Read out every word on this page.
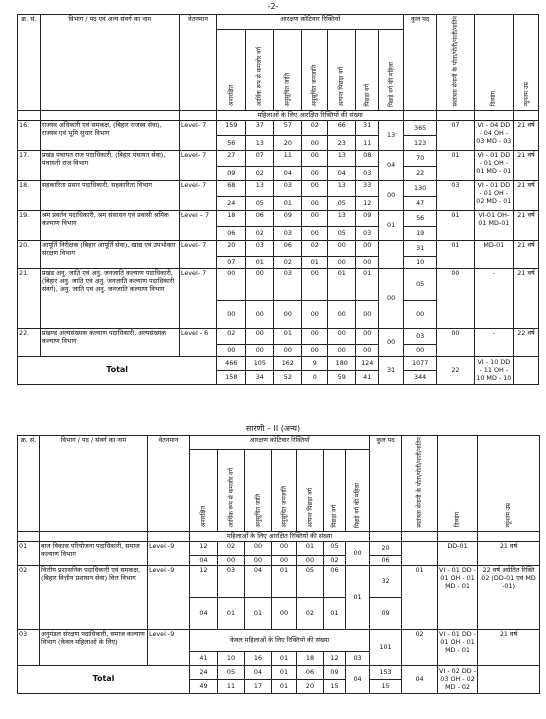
-2-
क्र. सं.	विभाग / पद एवं अन्य संवर्ग का नाम	वेतनमान	आरक्षण कोटिवार रिक्तियाँ							कुल पद	स्वतंत्रता सेनानी के पोता/पोती/नाती/नातिन	दिव्यांग	न्यूनतम उम्र
			अनारक्षित	आर्थिक रूप से कमजोर वर्ग	अनुसूचित जाति	अनुसूचित जनजाति	अत्यन्त पिछड़ा वर्ग	पिछड़ा वर्ग	पिछड़े वर्ग की महिला				
			महिलाओं के लिए आरक्षित रिक्तियों की संख्या										
16.	राजस्व अधिकारी एवं समकक्ष, (बिहार राजस्व सेवा), राजस्व एवं भूमि सुधार विभाग	Level- 7	159	37	57	02	66	31	13	365	07	VI - 04 DD - 04 OH - 03 MD - 03	21 वर्ष
			56	13	20	00	23	11		123			
17.	प्रखंड पंचायत राज पदाधिकारी, (बिहार पंचायत सेवा), पंचायती राज विभाग	Level- 7	27	07	11	00	13	08	04	70	01	VI - 01 DD - 01 OH - 01 MD - 01	21 वर्ष
			09	02	04	00	04	03		22			
18.	सहकारिता प्रसार पदाधिकारी, सहकारिता विभाग	Level- 7	68	13	03	00	13	33	00	130	03	VI - 01 DD - 01 OH - 02 MD - 01	21 वर्ष
			24	05	01	00	05	12		47			
19.	श्रम प्रवर्तन पदाधिकारी, श्रम संसाधन एवं प्रवासी श्रमिक कल्याण विभाग	Level – 7	18	06	09	00	13	09	01	56	01	VI-01 OH-01 MD-01	21 वर्ष
			06	02	03	00	05	03		19			
20.	आपूर्ति निरीक्षक (बिहार आपूर्ति सेवा), खाद्य एवं उपभोक्ता संरक्षण विभाग	Level- 7	20	03	06	02	00	00		31	01	MD-01	21 वर्ष
			07	01	02	01	00	00		10			
21.	प्रखंड अनु. जाति एवं अनु. जनजाति कल्याण पदाधिकारी, (बिहार अनु. जाति एवं अनु. जनजाति कल्याण पदाधिकारी संवर्ग), अनु. जाति एवं अनु. जनजाति कल्याण विभाग	Level- 7	00	00	03	00	01	01	00	05	00	-	21 वर्ष
			00	00	00	00	00	00		00			
22.	प्रखण्ड अल्पसंख्यक कल्याण पदाधिकारी, अल्पसंख्यक कल्याण विभाग	Level - 6	02	00	01	00	00	00	00	03	00	-	22 वर्ष
			00	00	00	00	00	00		00			
Total			466	105	162	9	180	124	31	1077	22	VI - 10 DD - 11 OH - 10 MD - 10	
			158	34	52	0	59	41		344			
सारणी – II (अन्य)
क्र. सं.	विभाग / पद / संवर्ग का नाम	वेतनमान	आरक्षण कोटिवार रिक्तियाँ							कुल पद	स्वतंत्रता सेनानी के पोता/पोती/नाती/नातिन	दिव्यांग	न्यूनतम उम्र
			अनारक्षित	आर्थिक रूप से कमजोर वर्ग	अनुसूचित जाति	अनुसूचित जनजाति	अत्यन्त पिछड़ा वर्ग	पिछड़ा वर्ग	पिछड़े वर्ग की महिला				
			महिलाओं के लिए आरक्षित रिक्तियों की संख्या										
01	बाल विकास परियोजना पदाधिकारी, समाज कल्याण विभाग	Level -9	12	02	00	00	01	05	00	20		DD-01	21 वर्ष
			04	00	00	00	00	02		06			
02	वित्तीय प्रशासनिक पदाधिकारी एवं समकक्ष, (बिहार वित्तीय प्रशासन सेवा) वित्त विभाग	Level -9	12	03	04	01	05	06	01	32	01	VI - 01 DD - 01 OH - 01 MD - 01	22 वर्ष अग्रेतित रिक्ति 02 (DD-01 एवं MD -01)
			04	01	01	00	02	01		09			
03	अनुमंडल संरक्षण पदाधिकारी, समाज कल्याण विभाग (केवल महिलाओं के लिए)	Level -9	केवल महिलाओं के लिए रिक्तियों की संख्या							101	02	VI - 01 DD - 01 OH - 01 MD - 01	21 वर्ष
			41	10	16	01	18	12	03				
Total			24	05	04	01	06	09	04	153	04	VI - 02 DD - 03 OH - 02 MD - 02	
			49	11	17	01	20	15		15			
